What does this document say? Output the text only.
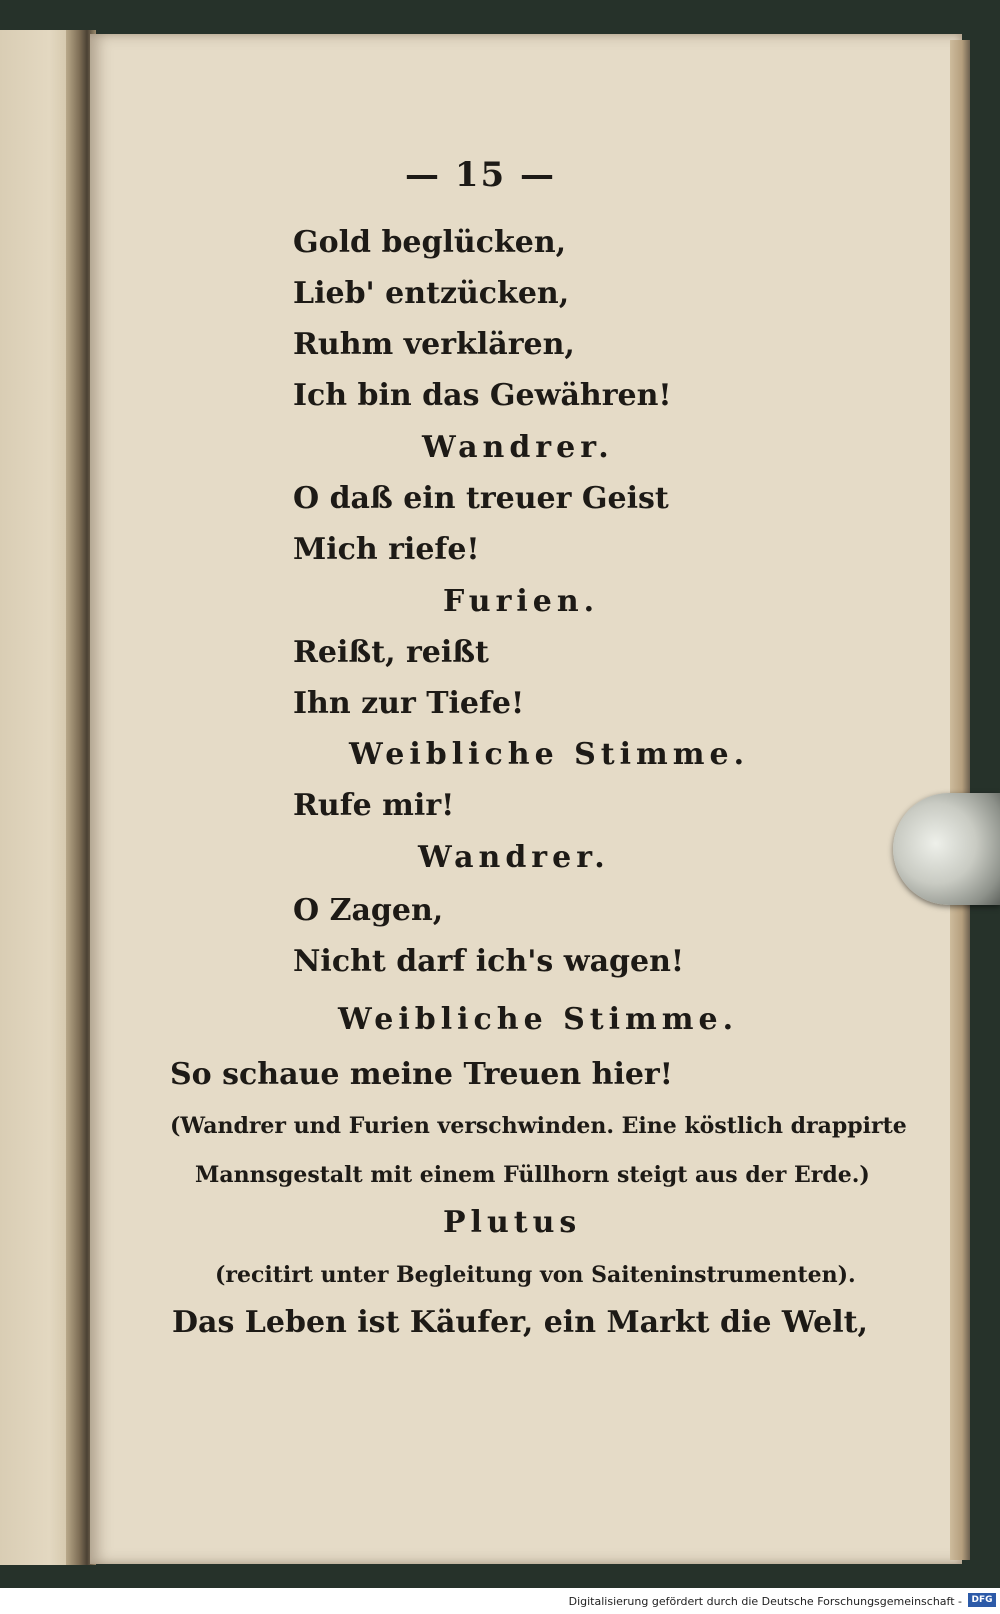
— 15 —
Gold beglücken,
Lieb' entzücken,
Ruhm verklären,
Ich bin das Gewähren!
Wandrer.
O daß ein treuer Geist
Mich riefe!
Furien.
Reißt, reißt
Ihn zur Tiefe!
Weibliche Stimme.
Rufe mir!
Wandrer.
O Zagen,
Nicht darf ich's wagen!
Weibliche Stimme.
So schaue meine Treuen hier!
(Wandrer und Furien verschwinden. Eine köstlich drappirte
Mannsgestalt mit einem Füllhorn steigt aus der Erde.)
Plutus
(recitirt unter Begleitung von Saiteninstrumenten).
Das Leben ist Käufer, ein Markt die Welt,
Digitalisierung gefördert durch die Deutsche Forschungsgemeinschaft -	DFG
